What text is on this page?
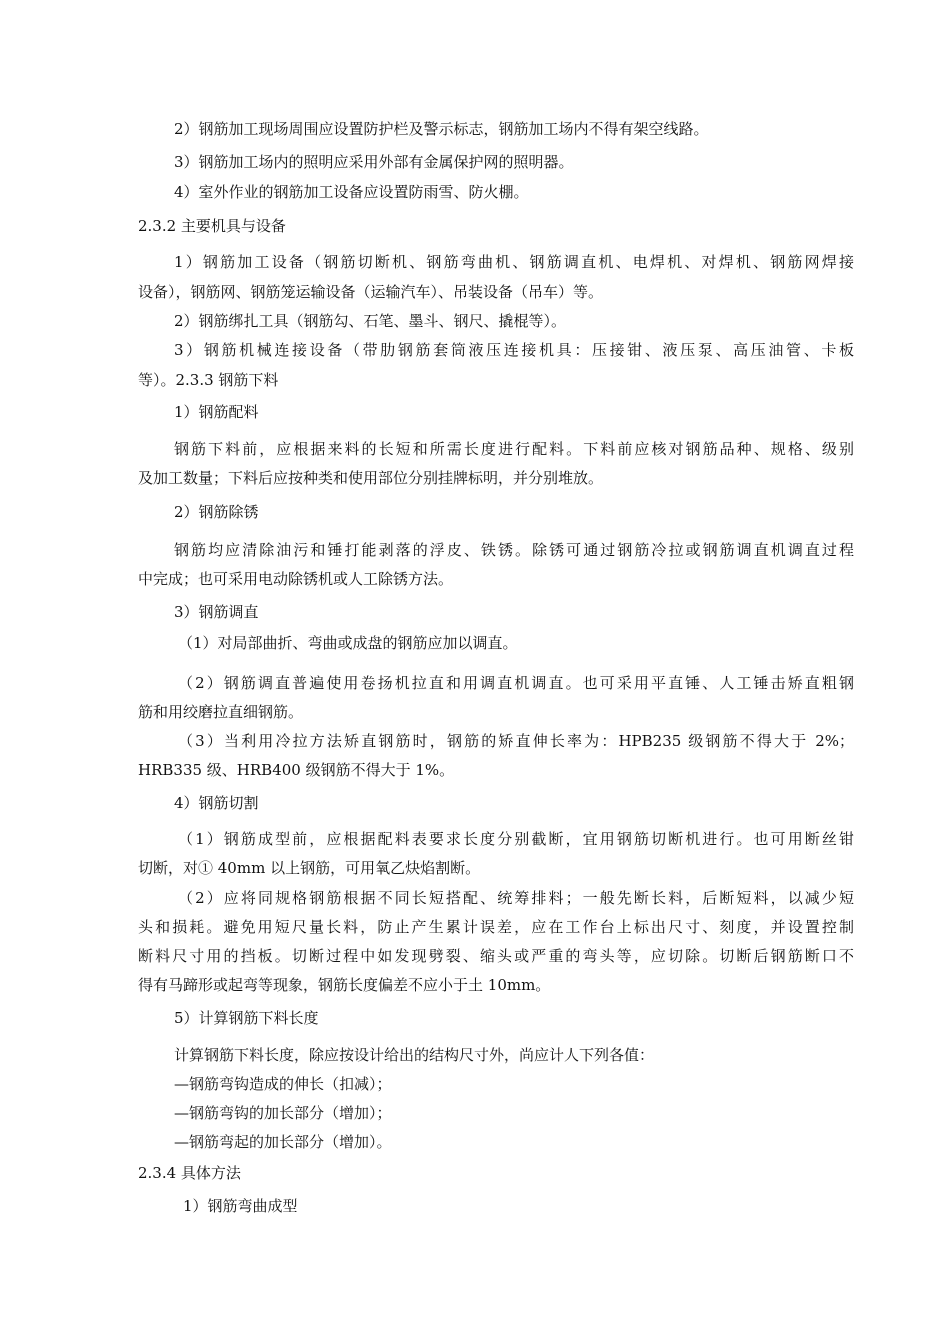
2）钢筋加工现场周围应设置防护栏及警示标志，钢筋加工场内不得有架空线路。
3）钢筋加工场内的照明应采用外部有金属保护网的照明器。
4）室外作业的钢筋加工设备应设置防雨雪、防火棚。
2.3.2 主要机具与设备
1）钢筋加工设备（钢筋切断机、钢筋弯曲机、钢筋调直机、电焊机、对焊机、钢筋网焊接
设备），钢筋网、钢筋笼运输设备（运输汽车）、吊装设备（吊车）等。
2）钢筋绑扎工具（钢筋勾、石笔、墨斗、钢尺、撬棍等）。
3）钢筋机械连接设备（带肋钢筋套筒液压连接机具：压接钳、液压泵、高压油管、卡板
等）。2.3.3 钢筋下料
1）钢筋配料
钢筋下料前，应根据来料的长短和所需长度进行配料。下料前应核对钢筋品种、规格、级别
及加工数量；下料后应按种类和使用部位分别挂牌标明，并分别堆放。
2）钢筋除锈
钢筋均应清除油污和锤打能剥落的浮皮、铁锈。除锈可通过钢筋冷拉或钢筋调直机调直过程
中完成；也可采用电动除锈机或人工除锈方法。
3）钢筋调直
（1）对局部曲折、弯曲或成盘的钢筋应加以调直。
（2）钢筋调直普遍使用卷扬机拉直和用调直机调直。也可采用平直锤、人工锤击矫直粗钢
筋和用绞磨拉直细钢筋。
（3）当利用冷拉方法矫直钢筋时，钢筋的矫直伸长率为：HPB235 级钢筋不得大于 2%；
HRB335 级、HRB400 级钢筋不得大于 1%。
4）钢筋切割
（1）钢筋成型前，应根据配料表要求长度分别截断，宜用钢筋切断机进行。也可用断丝钳
切断，对① 40mm 以上钢筋，可用氧乙炔焰割断。
（2）应将同规格钢筋根据不同长短搭配、统筹排料；一般先断长料，后断短料，以减少短
头和损耗。避免用短尺量长料，防止产生累计误差，应在工作台上标出尺寸、刻度，并设置控制
断料尺寸用的挡板。切断过程中如发现劈裂、缩头或严重的弯头等，应切除。切断后钢筋断口不
得有马蹄形或起弯等现象，钢筋长度偏差不应小于土 10mm。
5）计算钢筋下料长度
计算钢筋下料长度，除应按设计给出的结构尺寸外，尚应计人下列各值：
—钢筋弯钩造成的伸长（扣减）；
—钢筋弯钩的加长部分（增加）；
—钢筋弯起的加长部分（增加）。
2.3.4 具体方法
1）钢筋弯曲成型
